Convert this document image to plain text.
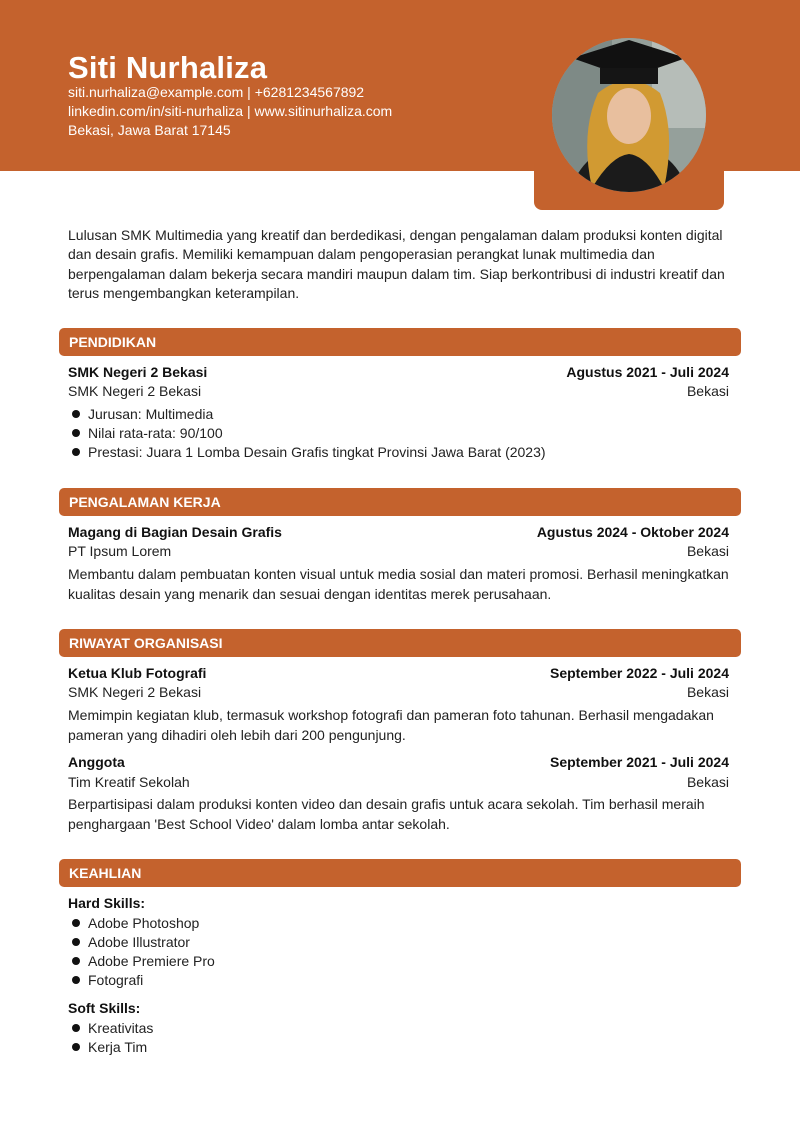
Siti Nurhaliza
siti.nurhaliza@example.com | +6281234567892
linkedin.com/in/siti-nurhaliza | www.sitinurhaliza.com
Bekasi, Jawa Barat 17145
Lulusan SMK Multimedia yang kreatif dan berdedikasi, dengan pengalaman dalam produksi konten digital dan desain grafis. Memiliki kemampuan dalam pengoperasian perangkat lunak multimedia dan berpengalaman dalam bekerja secara mandiri maupun dalam tim. Siap berkontribusi di industri kreatif dan terus mengembangkan keterampilan.
PENDIDIKAN
SMK Negeri 2 Bekasi	Agustus 2021 - Juli 2024
SMK Negeri 2 Bekasi	Bekasi
Jurusan: Multimedia
Nilai rata-rata: 90/100
Prestasi: Juara 1 Lomba Desain Grafis tingkat Provinsi Jawa Barat (2023)
PENGALAMAN KERJA
Magang di Bagian Desain Grafis	Agustus 2024 - Oktober 2024
PT Ipsum Lorem	Bekasi
Membantu dalam pembuatan konten visual untuk media sosial dan materi promosi. Berhasil meningkatkan kualitas desain yang menarik dan sesuai dengan identitas merek perusahaan.
RIWAYAT ORGANISASI
Ketua Klub Fotografi	September 2022 - Juli 2024
SMK Negeri 2 Bekasi	Bekasi
Memimpin kegiatan klub, termasuk workshop fotografi dan pameran foto tahunan. Berhasil mengadakan pameran yang dihadiri oleh lebih dari 200 pengunjung.
Anggota	September 2021 - Juli 2024
Tim Kreatif Sekolah	Bekasi
Berpartisipasi dalam produksi konten video dan desain grafis untuk acara sekolah. Tim berhasil meraih penghargaan 'Best School Video' dalam lomba antar sekolah.
KEAHLIAN
Hard Skills:
Adobe Photoshop
Adobe Illustrator
Adobe Premiere Pro
Fotografi
Soft Skills:
Kreativitas
Kerja Tim
